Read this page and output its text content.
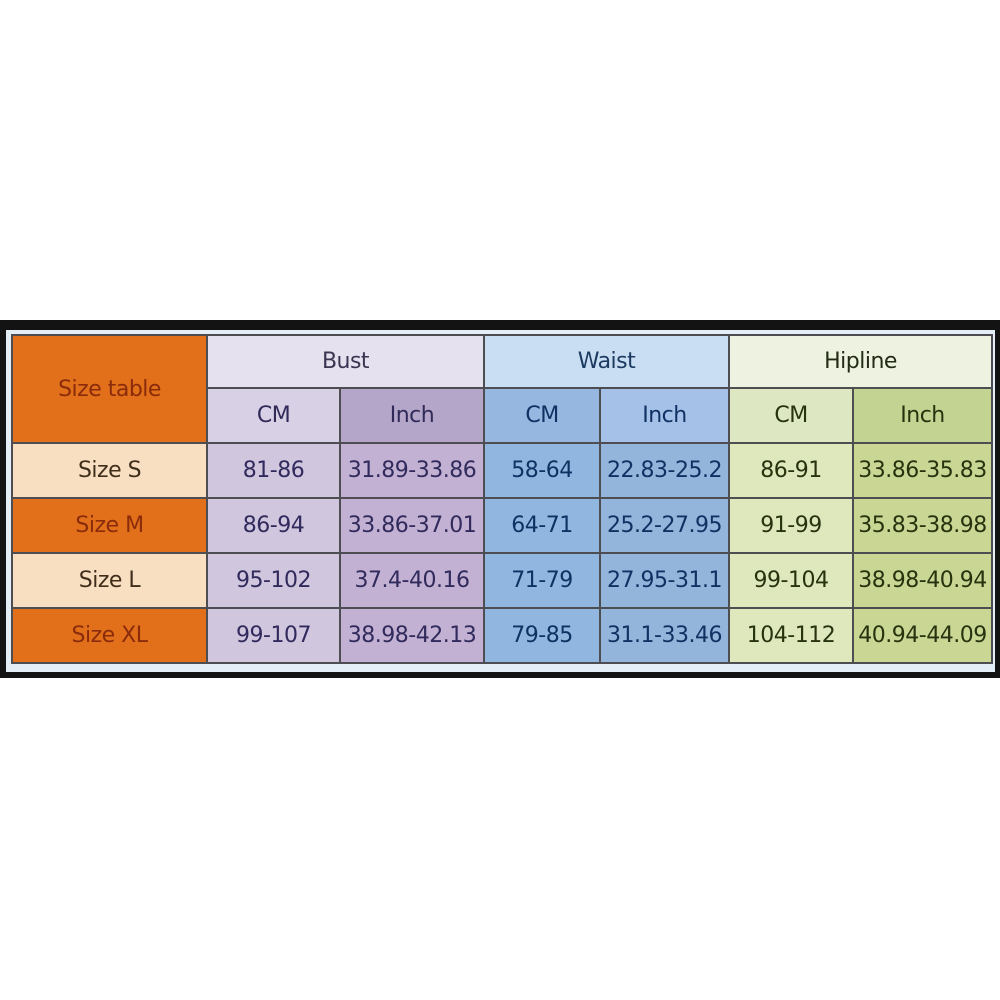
Size table	Bust		Waist		Hipline	
	CM	Inch	CM	Inch	CM	Inch
Size S	81-86	31.89-33.86	58-64	22.83-25.2	86-91	33.86-35.83
Size M	86-94	33.86-37.01	64-71	25.2-27.95	91-99	35.83-38.98
Size L	95-102	37.4-40.16	71-79	27.95-31.1	99-104	38.98-40.94
Size XL	99-107	38.98-42.13	79-85	31.1-33.46	104-112	40.94-44.09
